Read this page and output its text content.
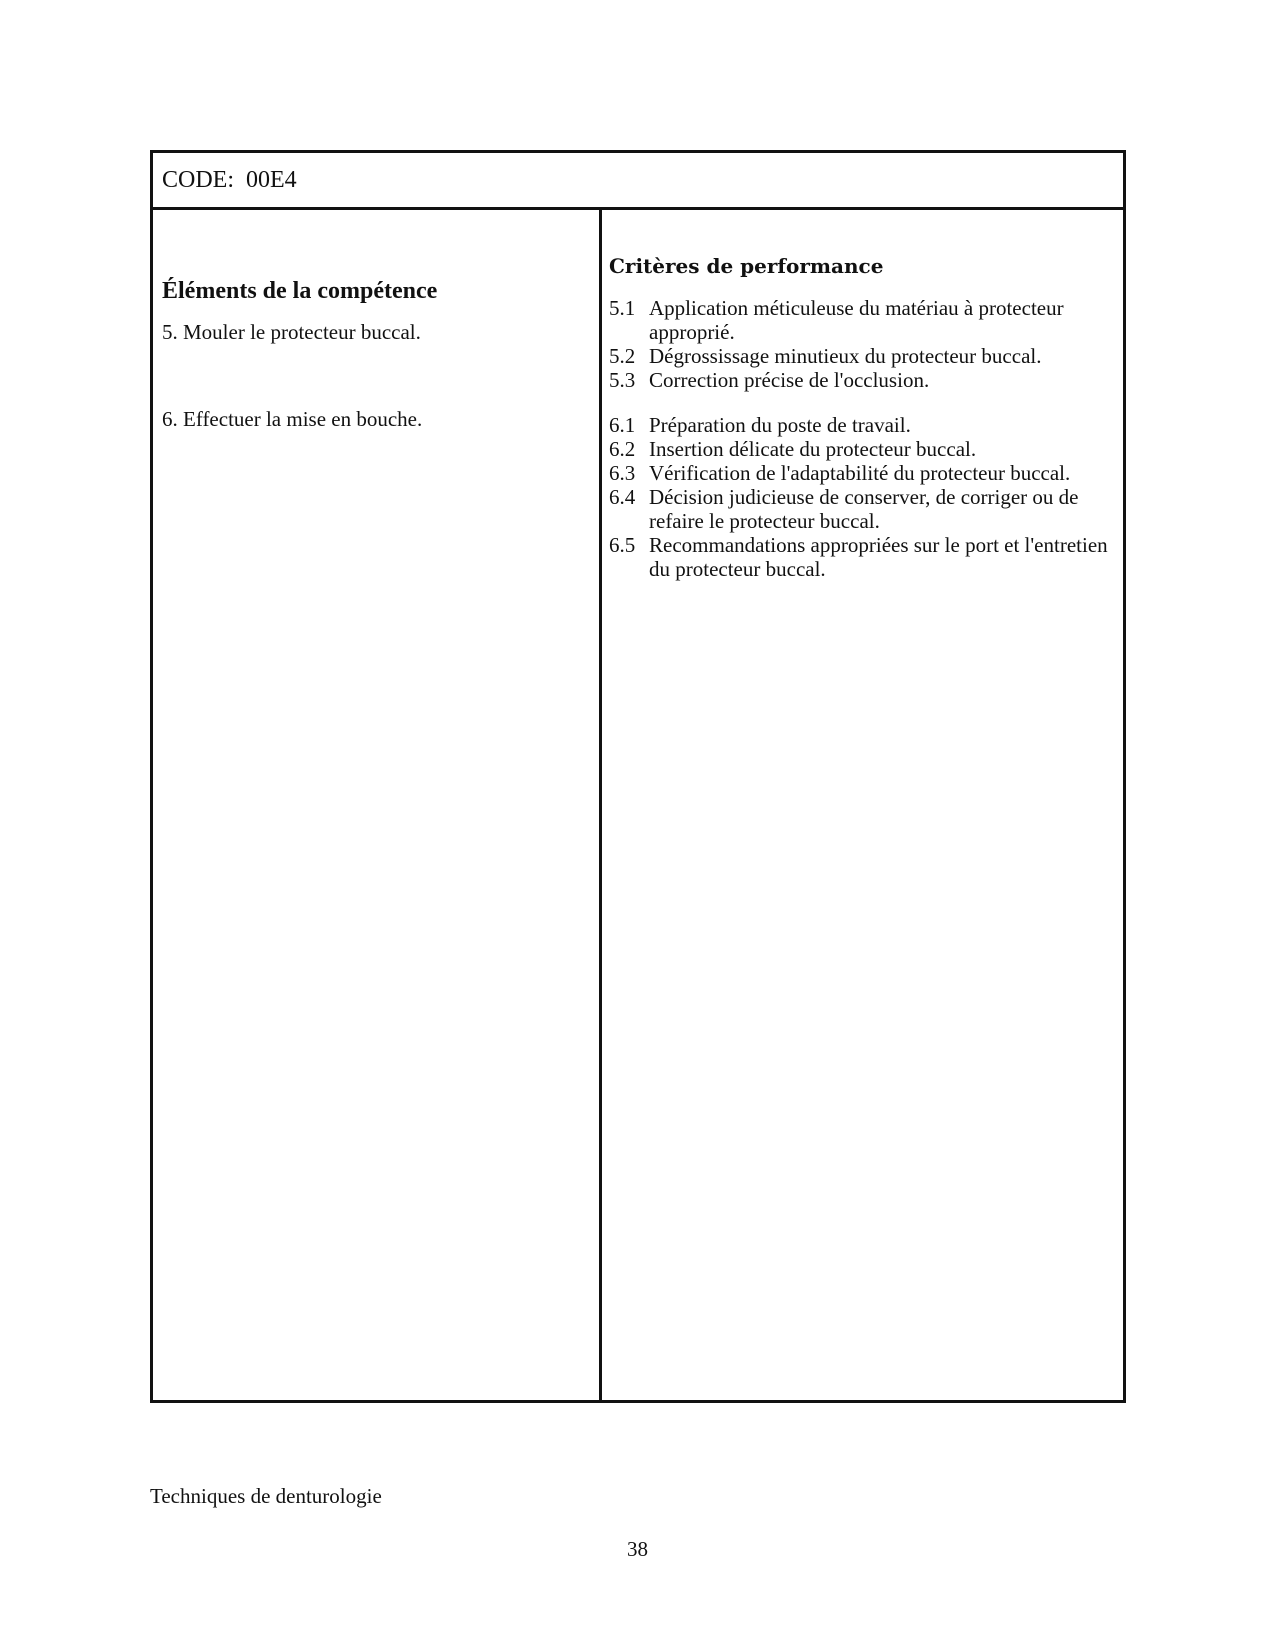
CODE:  00E4
Éléments de la compétence
5. Mouler le protecteur buccal.
6. Effectuer la mise en bouche.
Critères de performance
5.1 Application méticuleuse du matériau à protecteur approprié.
5.2 Dégrossissage minutieux du protecteur buccal.
5.3 Correction précise de l'occlusion.
6.1 Préparation du poste de travail.
6.2 Insertion délicate du protecteur buccal.
6.3 Vérification de l'adaptabilité du protecteur buccal.
6.4 Décision judicieuse de conserver, de corriger ou de refaire le protecteur buccal.
6.5 Recommandations appropriées sur le port et l'entretien du protecteur buccal.
Techniques de denturologie
38
